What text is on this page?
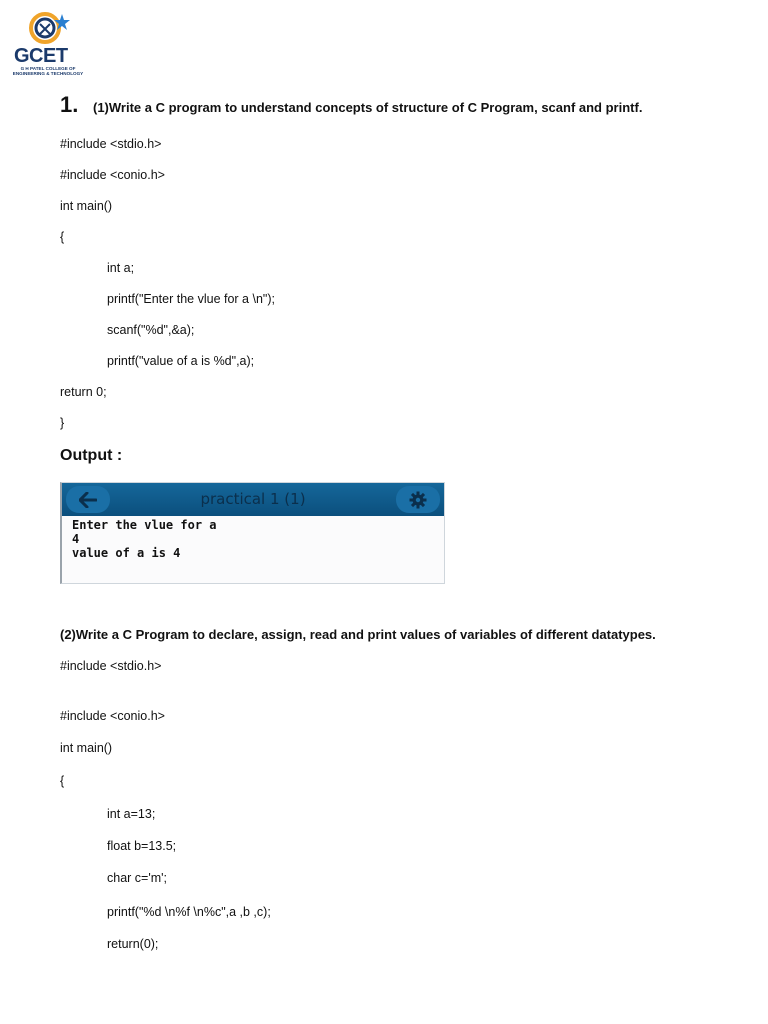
GCET
G H PATEL COLLEGE OF
ENGINEERING & TECHNOLOGY
1. (1)Write a C program to understand concepts of structure of C Program, scanf and printf.
#include <stdio.h>
#include <conio.h>
int main()
{
int a;
printf("Enter the vlue for a \n");
scanf("%d",&a);
printf("value of a is %d",a);
return 0;
}
Output :
practical 1 (1)
Enter the vlue for a
4
value of a is 4
(2)Write a C Program to declare, assign, read and print values of variables of different datatypes.
#include <stdio.h>
#include <conio.h>
int main()
{
int a=13;
float b=13.5;
char c='m';
printf("%d \n%f \n%c",a ,b ,c);
return(0);
